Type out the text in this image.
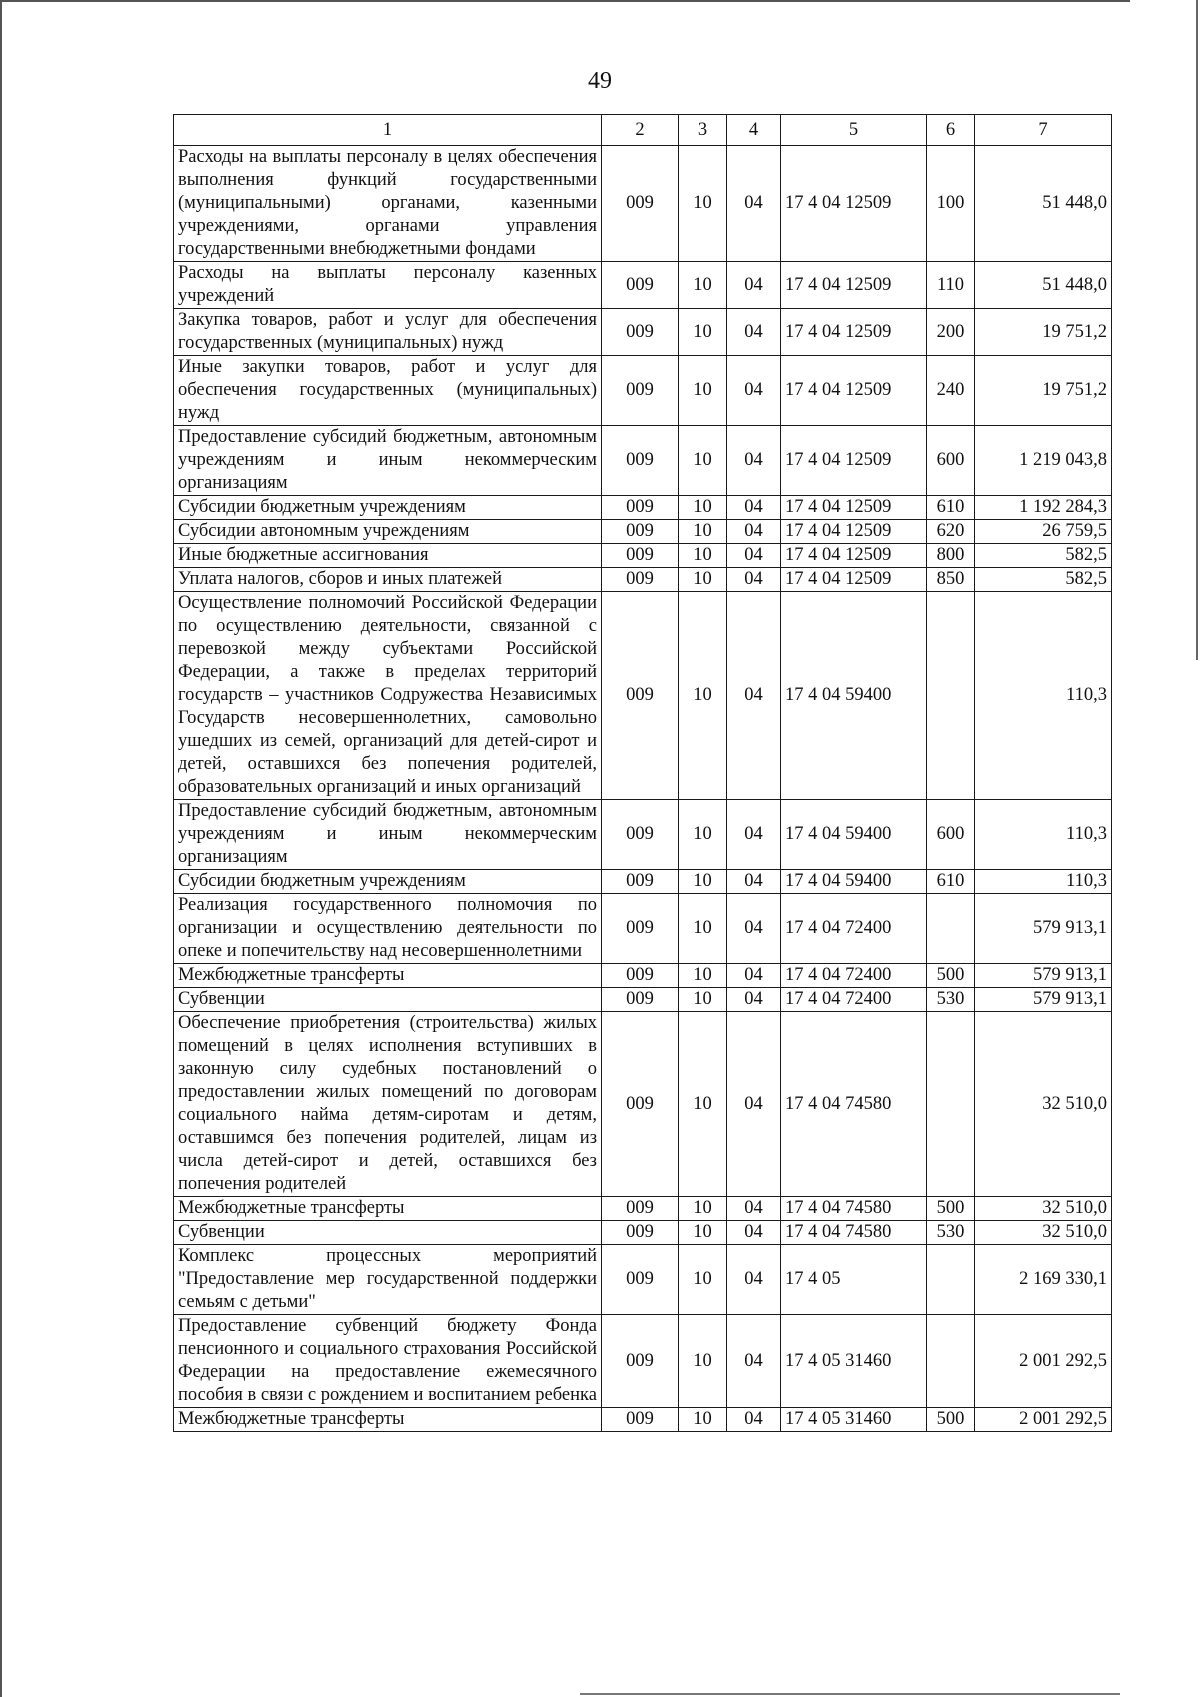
49
1	2	3	4	5	6	7
Расходы на выплаты персоналу в целях обеспечения выполнения функций государственными (муниципальными) органами, казенными учреждениями, органами управления государственными внебюджетными фондами	009	10	04	17 4 04 12509	100	51 448,0
Расходы на выплаты персоналу казенных учреждений	009	10	04	17 4 04 12509	110	51 448,0
Закупка товаров, работ и услуг для обеспечения государственных (муниципальных) нужд	009	10	04	17 4 04 12509	200	19 751,2
Иные закупки товаров, работ и услуг для обеспечения государственных (муниципальных) нужд	009	10	04	17 4 04 12509	240	19 751,2
Предоставление субсидий бюджетным, автономным учреждениям и иным некоммерческим организациям	009	10	04	17 4 04 12509	600	1 219 043,8
Субсидии бюджетным учреждениям	009	10	04	17 4 04 12509	610	1 192 284,3
Субсидии автономным учреждениям	009	10	04	17 4 04 12509	620	26 759,5
Иные бюджетные ассигнования	009	10	04	17 4 04 12509	800	582,5
Уплата налогов, сборов и иных платежей	009	10	04	17 4 04 12509	850	582,5
Осуществление полномочий Российской Федерации по осуществлению деятельности, связанной с перевозкой между субъектами Российской Федерации, а также в пределах территорий государств – участников Содружества Независимых Государств несовершеннолетних, самовольно ушедших из семей, организаций для детей-сирот и детей, оставшихся без попечения родителей, образовательных организаций и иных организаций	009	10	04	17 4 04 59400		110,3
Предоставление субсидий бюджетным, автономным учреждениям и иным некоммерческим организациям	009	10	04	17 4 04 59400	600	110,3
Субсидии бюджетным учреждениям	009	10	04	17 4 04 59400	610	110,3
Реализация государственного полномочия по организации и осуществлению деятельности по опеке и попечительству над несовершеннолетними	009	10	04	17 4 04 72400		579 913,1
Межбюджетные трансферты	009	10	04	17 4 04 72400	500	579 913,1
Субвенции	009	10	04	17 4 04 72400	530	579 913,1
Обеспечение приобретения (строительства) жилых помещений в целях исполнения вступивших в законную силу судебных постановлений о предоставлении жилых помещений по договорам социального найма детям-сиротам и детям, оставшимся без попечения родителей, лицам из числа детей-сирот и детей, оставшихся без попечения родителей	009	10	04	17 4 04 74580		32 510,0
Межбюджетные трансферты	009	10	04	17 4 04 74580	500	32 510,0
Субвенции	009	10	04	17 4 04 74580	530	32 510,0
Комплекс процессных мероприятий "Предоставление мер государственной поддержки семьям с детьми"	009	10	04	17 4 05		2 169 330,1
Предоставление субвенций бюджету Фонда пенсионного и социального страхования Российской Федерации на предоставление ежемесячного пособия в связи с рождением и воспитанием ребенка	009	10	04	17 4 05 31460		2 001 292,5
Межбюджетные трансферты	009	10	04	17 4 05 31460	500	2 001 292,5
